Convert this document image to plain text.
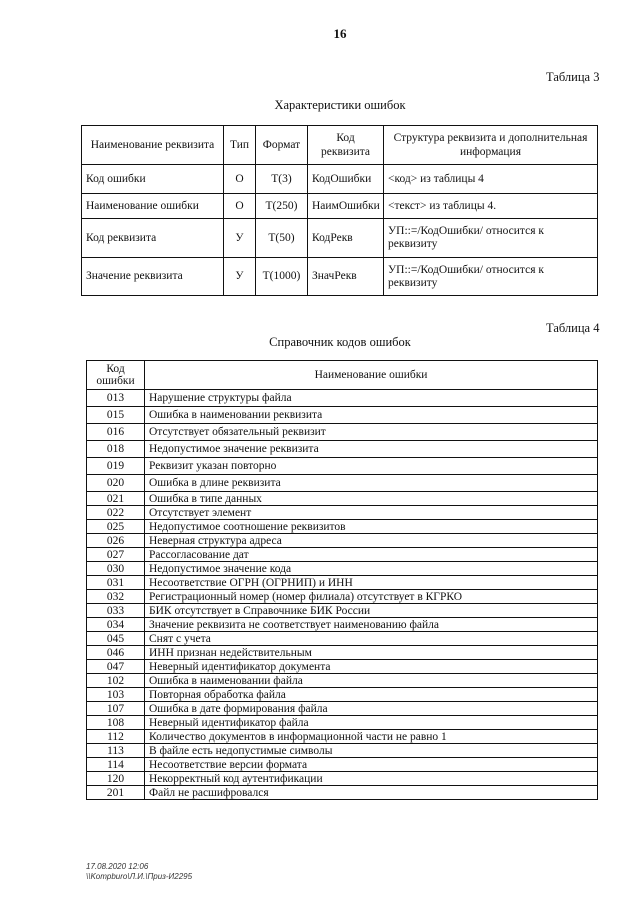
16
Таблица 3
Характеристики ошибок
Наименование реквизита	Тип	Формат	Код реквизита	Структура реквизита и дополнительная информация
Код ошибки	О	T(3)	КодОшибки	<код> из таблицы 4
Наименование ошибки	О	T(250)	НаимОшибки	<текст> из таблицы 4.
Код реквизита	У	T(50)	КодРекв	УП::=/КодОшибки/ относится к реквизиту
Значение реквизита	У	T(1000)	ЗначРекв	УП::=/КодОшибки/ относится к реквизиту
Таблица 4
Справочник кодов ошибок
Код ошибки	Наименование ошибки
013	Нарушение структуры файла
015	Ошибка в наименовании реквизита
016	Отсутствует обязательный реквизит
018	Недопустимое значение реквизита
019	Реквизит указан повторно
020	Ошибка в длине реквизита
021	Ошибка в типе данных
022	Отсутствует элемент
025	Недопустимое соотношение реквизитов
026	Неверная структура адреса
027	Рассогласование дат
030	Недопустимое значение кода
031	Несоответствие ОГРН (ОГРНИП) и ИНН
032	Регистрационный номер (номер филиала) отсутствует в КГРКО
033	БИК отсутствует в Справочнике БИК России
034	Значение реквизита не соответствует наименованию файла
045	Снят с учета
046	ИНН признан недействительным
047	Неверный идентификатор документа
102	Ошибка в наименовании файла
103	Повторная обработка файла
107	Ошибка в дате формирования файла
108	Неверный идентификатор файла
112	Количество документов в информационной части не равно 1
113	В файле есть недопустимые символы
114	Несоответствие версии формата
120	Некорректный код аутентификации
201	Файл не расшифровался
17.08.2020 12:06
\\Kompburo\Л.И.\Приз-И2295
